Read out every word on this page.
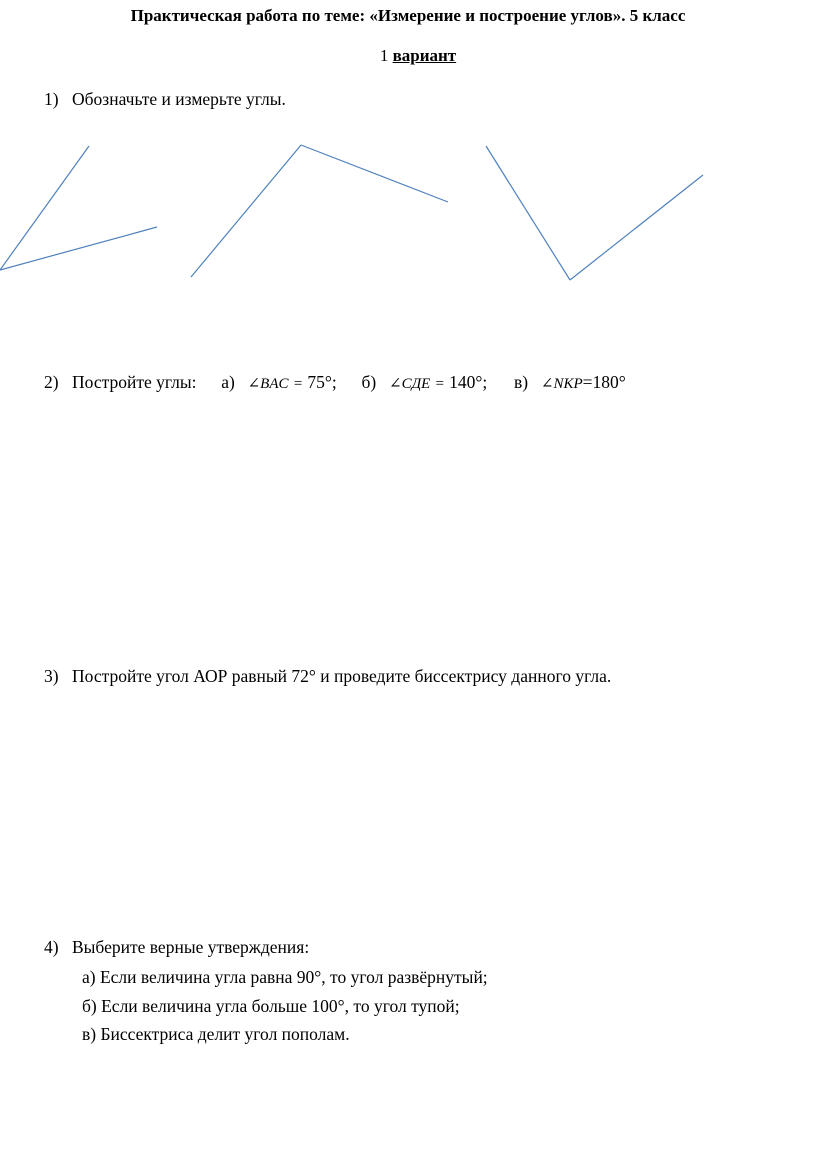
Практическая работа по теме: «Измерение и построение углов». 5 класс
1 вариант
1) Обозначьте и измерьте углы.
2) Постройте углы: а) ∠BAC = 75°; б) ∠СДЕ = 140°; в) ∠NKP=180°
3) Постройте угол АОР равный 72° и проведите биссектрису данного угла.
4) Выберите верные утверждения:
а) Если величина угла равна 90°, то угол развёрнутый;
б) Если величина угла больше 100°, то угол тупой;
в) Биссектриса делит угол пополам.
